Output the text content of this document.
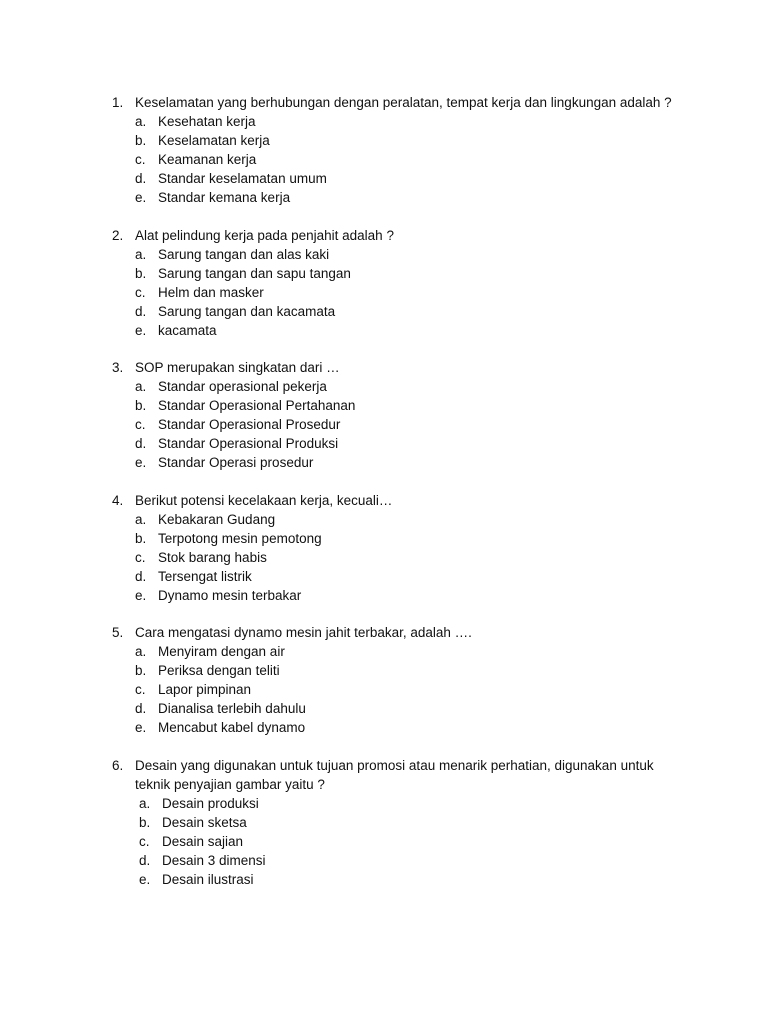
1. Keselamatan yang berhubungan dengan peralatan, tempat kerja dan lingkungan adalah ?
a. Kesehatan kerja
b. Keselamatan kerja
c. Keamanan kerja
d. Standar keselamatan umum
e. Standar kemana kerja
2. Alat pelindung kerja pada penjahit adalah ?
a. Sarung tangan dan alas kaki
b. Sarung tangan dan sapu tangan
c. Helm dan masker
d. Sarung tangan dan kacamata
e. kacamata
3. SOP merupakan singkatan dari …
a. Standar operasional pekerja
b. Standar Operasional Pertahanan
c. Standar Operasional Prosedur
d. Standar Operasional Produksi
e. Standar Operasi prosedur
4. Berikut potensi kecelakaan kerja, kecuali…
a. Kebakaran Gudang
b. Terpotong mesin pemotong
c. Stok barang habis
d. Tersengat listrik
e. Dynamo mesin terbakar
5. Cara mengatasi dynamo mesin jahit terbakar, adalah ….
a. Menyiram dengan air
b. Periksa dengan teliti
c. Lapor pimpinan
d. Dianalisa terlebih dahulu
e. Mencabut kabel dynamo
6. Desain yang digunakan untuk tujuan promosi atau menarik perhatian, digunakan untuk teknik penyajian gambar yaitu ?
a. Desain produksi
b. Desain sketsa
c. Desain sajian
d. Desain 3 dimensi
e. Desain ilustrasi
